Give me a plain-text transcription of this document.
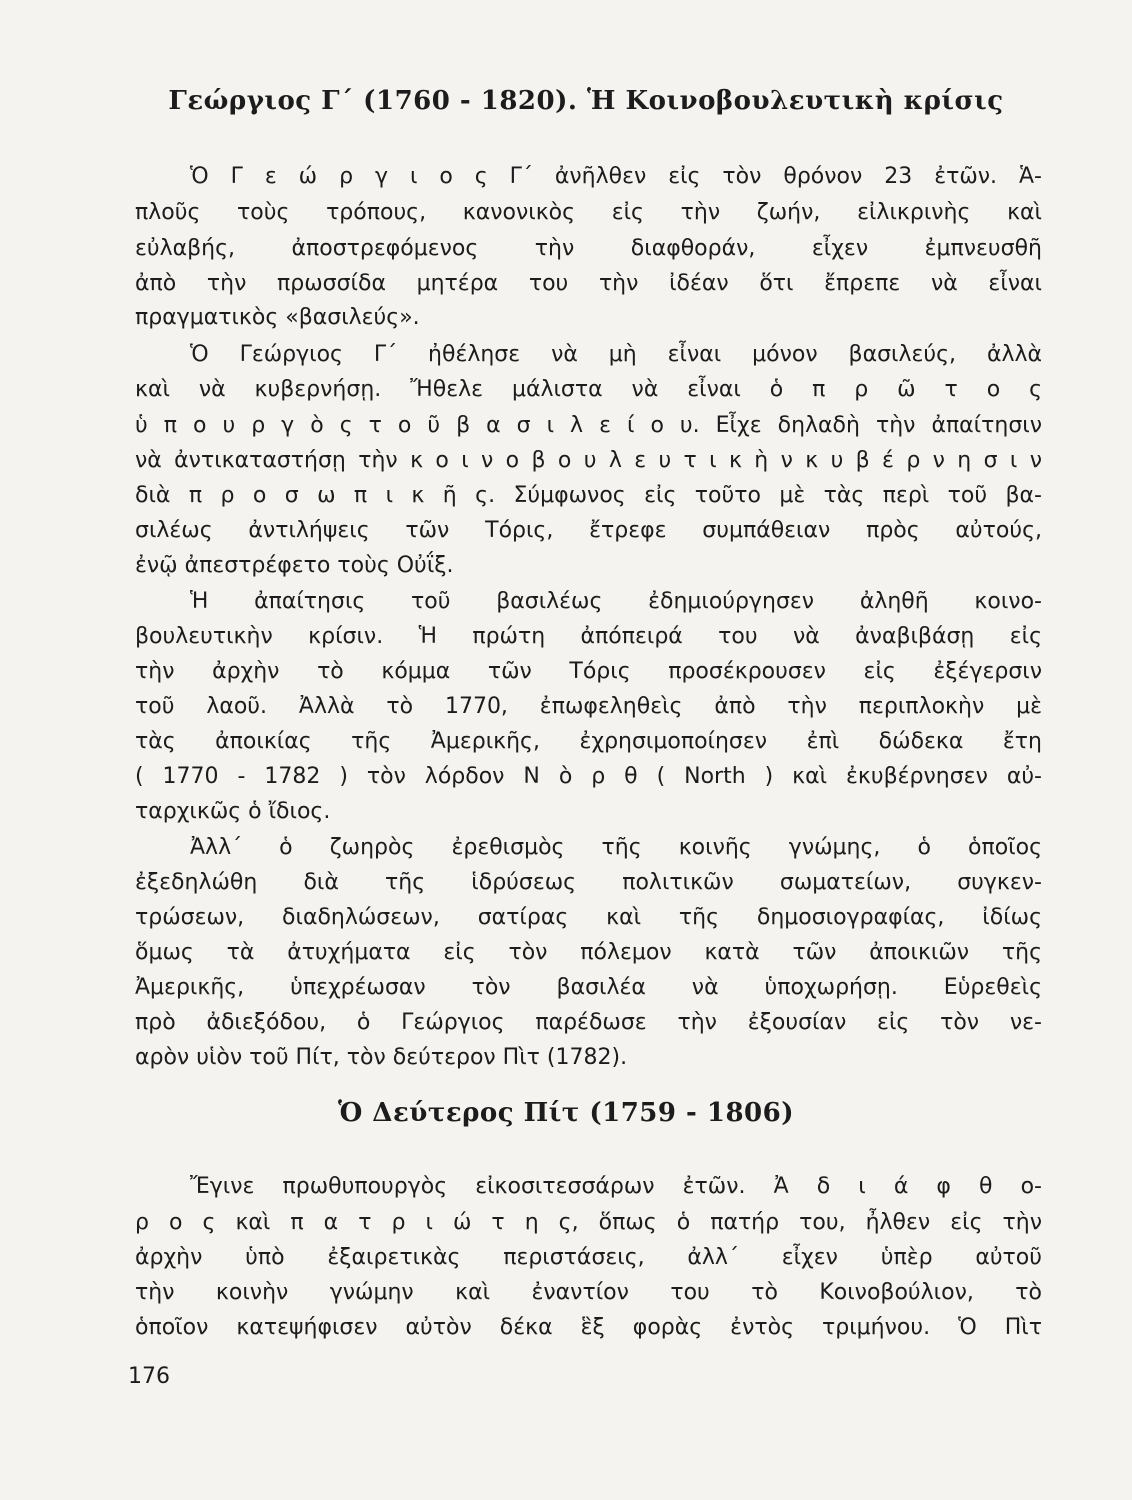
Γεώργιος Γ΄ (1760 - 1820). Ἡ Κοινοβουλευτικὴ κρίσις
Ὁ Γ ε ώ ρ γ ι ο ς Γ΄ ἀνῆλθεν εἰς τὸν θρόνον 23 ἐτῶν. Ἁ-
πλοῦς τοὺς τρόπους, κανονικὸς εἰς τὴν ζωήν, εἰλικρινὴς καὶ
εὐλαβής, ἀποστρεφόμενος τὴν διαφθοράν, εἶχεν ἐμπνευσθῆ
ἀπὸ τὴν πρωσσίδα μητέρα του τὴν ἰδέαν ὅτι ἔπρεπε νὰ εἶναι
πραγματικὸς «βασιλεύς».
Ὁ Γεώργιος Γ΄ ἠθέλησε νὰ μὴ εἶναι μόνον βασιλεύς, ἀλλὰ
καὶ νὰ κυβερνήσῃ. Ἤθελε μάλιστα νὰ εἶναι ὁ π ρ ῶ τ ο ς
ὑ π ο υ ρ γ ὸ ς τ ο ῦ β α σ ι λ ε ί ο υ. Εἶχε δηλαδὴ τὴν ἀπαίτησιν
νὰ ἀντικαταστήσῃ τὴν κ ο ι ν ο β ο υ λ ε υ τ ι κ ὴ ν κ υ β έ ρ ν η σ ι ν
διὰ π ρ ο σ ω π ι κ ῆ ς. Σύμφωνος εἰς τοῦτο μὲ τὰς περὶ τοῦ βα-
σιλέως ἀντιλήψεις τῶν Τόρις, ἔτρεφε συμπάθειαν πρὸς αὐτούς,
ἐνῷ ἀπεστρέφετο τοὺς Οὐΐξ.
Ἡ ἀπαίτησις τοῦ βασιλέως ἐδημιούργησεν ἀληθῆ κοινο-
βουλευτικὴν κρίσιν. Ἡ πρώτη ἀπόπειρά του νὰ ἀναβιβάσῃ εἰς
τὴν ἀρχὴν τὸ κόμμα τῶν Τόρις προσέκρουσεν εἰς ἐξέγερσιν
τοῦ λαοῦ. Ἀλλὰ τὸ 1770, ἐπωφεληθεὶς ἀπὸ τὴν περιπλοκὴν μὲ
τὰς ἀποικίας τῆς Ἀμερικῆς, ἐχρησιμοποίησεν ἐπὶ δώδεκα ἔτη
( 1770 - 1782 ) τὸν λόρδον Ν ὸ ρ θ ( North ) καὶ ἐκυβέρνησεν αὐ-
ταρχικῶς ὁ ἴδιος.
Ἀλλ΄ ὁ ζωηρὸς ἐρεθισμὸς τῆς κοινῆς γνώμης, ὁ ὁποῖος
ἐξεδηλώθη διὰ τῆς ἱδρύσεως πολιτικῶν σωματείων, συγκεν-
τρώσεων, διαδηλώσεων, σατίρας καὶ τῆς δημοσιογραφίας, ἰδίως
ὅμως τὰ ἀτυχήματα εἰς τὸν πόλεμον κατὰ τῶν ἀποικιῶν τῆς
Ἀμερικῆς, ὑπεχρέωσαν τὸν βασιλέα νὰ ὑποχωρήσῃ. Εὑρεθεὶς
πρὸ ἀδιεξόδου, ὁ Γεώργιος παρέδωσε τὴν ἐξουσίαν εἰς τὸν νε-
αρὸν υἱὸν τοῦ Πίτ, τὸν δεύτερον Πὶτ (1782).
Ὁ Δεύτερος Πίτ (1759 - 1806)
Ἔγινε πρωθυπουργὸς εἰκοσιτεσσάρων ἐτῶν. Ἀ δ ι ά φ θ ο-
ρ ο ς καὶ π α τ ρ ι ώ τ η ς, ὅπως ὁ πατήρ του, ἦλθεν εἰς τὴν
ἀρχὴν ὑπὸ ἐξαιρετικὰς περιστάσεις, ἀλλ΄ εἶχεν ὑπὲρ αὐτοῦ
τὴν κοινὴν γνώμην καὶ ἐναντίον του τὸ Κοινοβούλιον, τὸ
ὁποῖον κατεψήφισεν αὐτὸν δέκα ἓξ φορὰς ἐντὸς τριμήνου. Ὁ Πὶτ
176
